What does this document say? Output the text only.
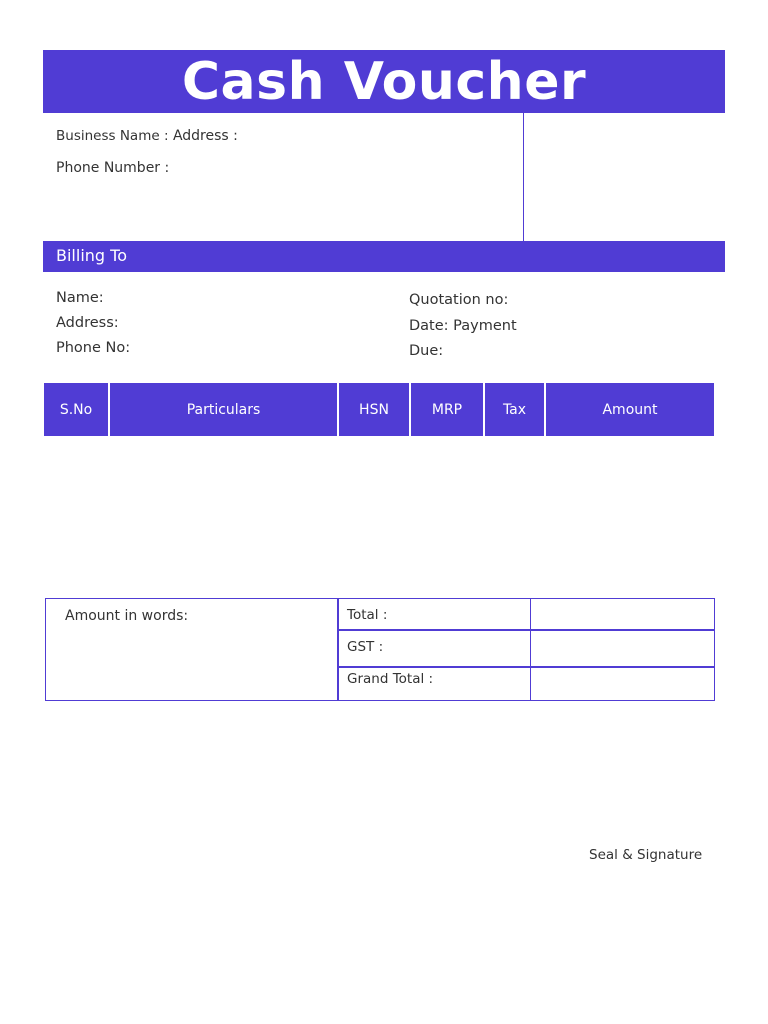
Cash Voucher
Business Name : Address :
Phone Number :
Billing To
Name:
Address:
Phone No:
Quotation no:
Date: Payment
Due:
S.No	Particulars	HSN	MRP	Tax	Amount
Amount in words:	Total :
GST :
Grand Total :
Seal & Signature
